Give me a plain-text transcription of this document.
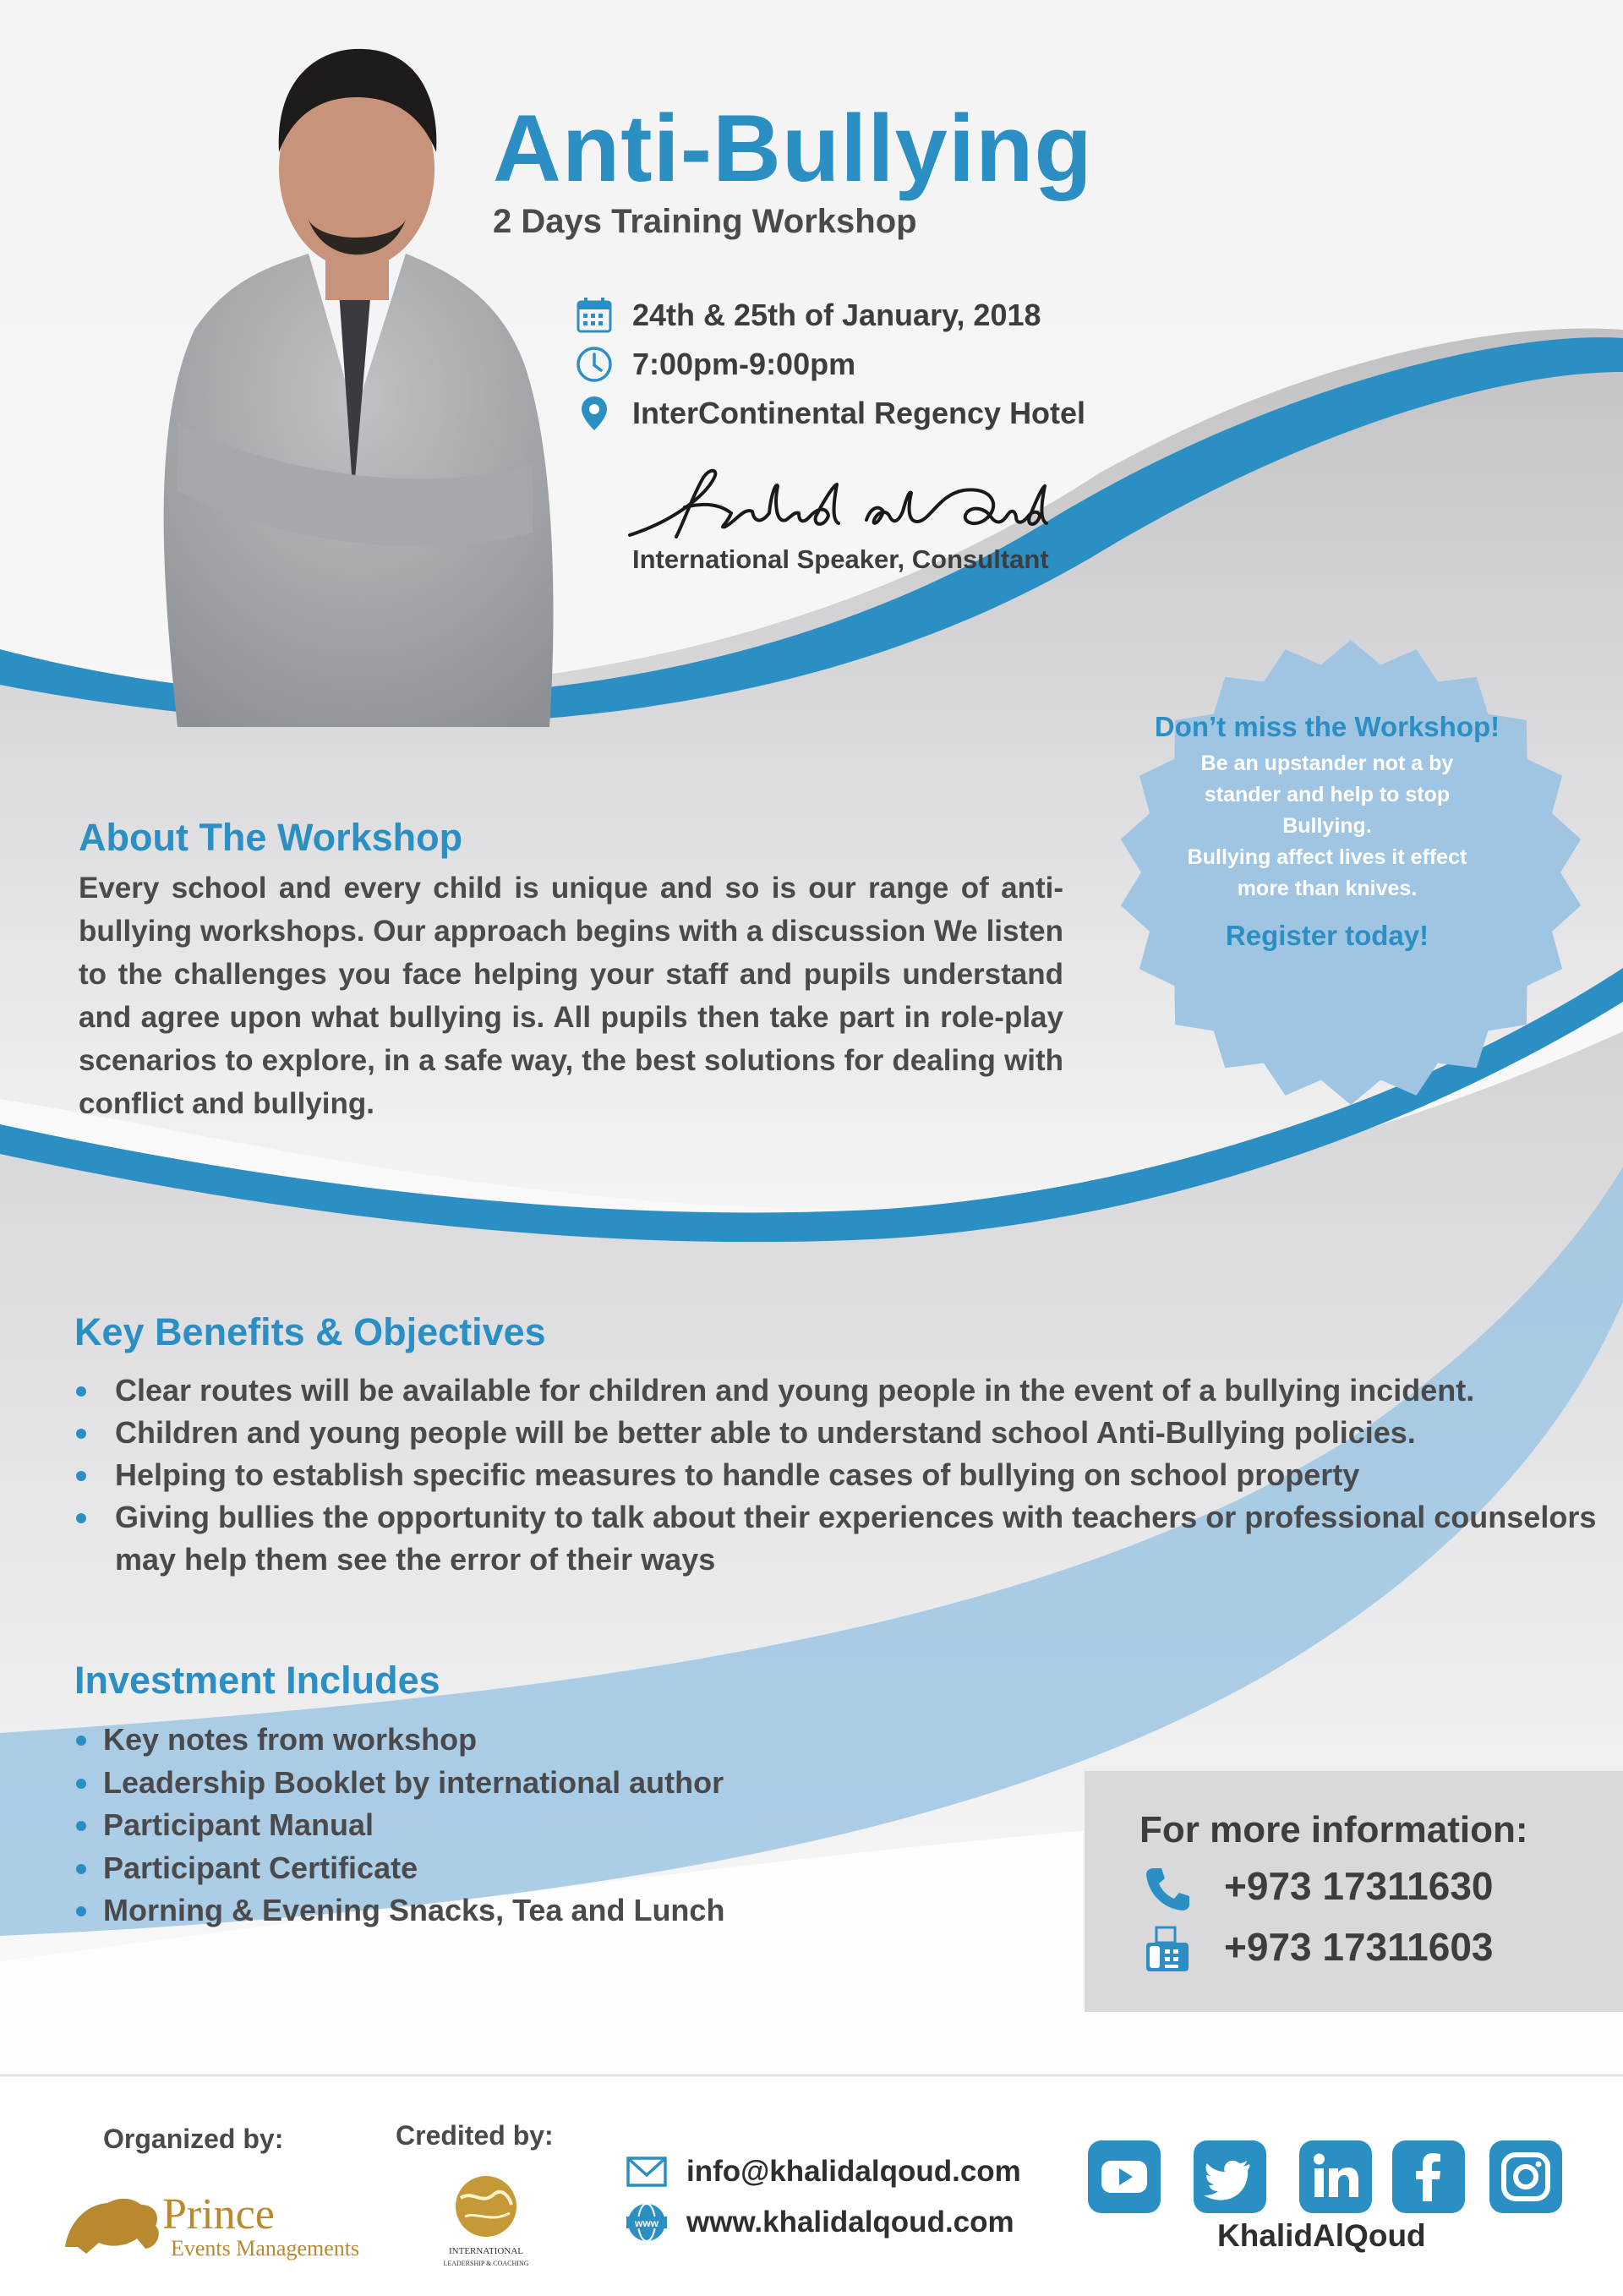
Anti-Bullying
2 Days Training Workshop
24th & 25th of January, 2018
7:00pm-9:00pm
InterContinental Regency Hotel
International Speaker, Consultant
Don’t miss the Workshop!
Be an upstander not a by
stander and help to stop
Bullying.
Bullying affect lives it effect
more than knives.
Register today!
About The Workshop
Every school and every child is unique and so is our range of anti-bullying workshops. Our approach begins with a discussion We listen to the challenges you face helping your staff and pupils understand and agree upon what bullying is. All pupils then take part in role-play scenarios to explore, in a safe way, the best solutions for dealing with conflict and bullying.
Key Benefits & Objectives
Clear routes will be available for children and young people in the event of a bullying incident.
Children and young people will be better able to understand school Anti-Bullying policies.
Helping to establish specific measures to handle cases of bullying on school property
Giving bullies the opportunity to talk about their experiences with teachers or professional counselors may help them see the error of their ways
Investment Includes
Key notes from workshop
Leadership Booklet by international author
Participant Manual
Participant Certificate
Morning & Evening Snacks, Tea and Lunch
For more information:
+973 17311630
+973 17311603
Organized by:
Prince
Events Managements
Credited by:
INTERNATIONAL
LEADERSHIP & COACHING
info@khalidalqoud.com
www www.khalidalqoud.com	KhalidAlQoud
